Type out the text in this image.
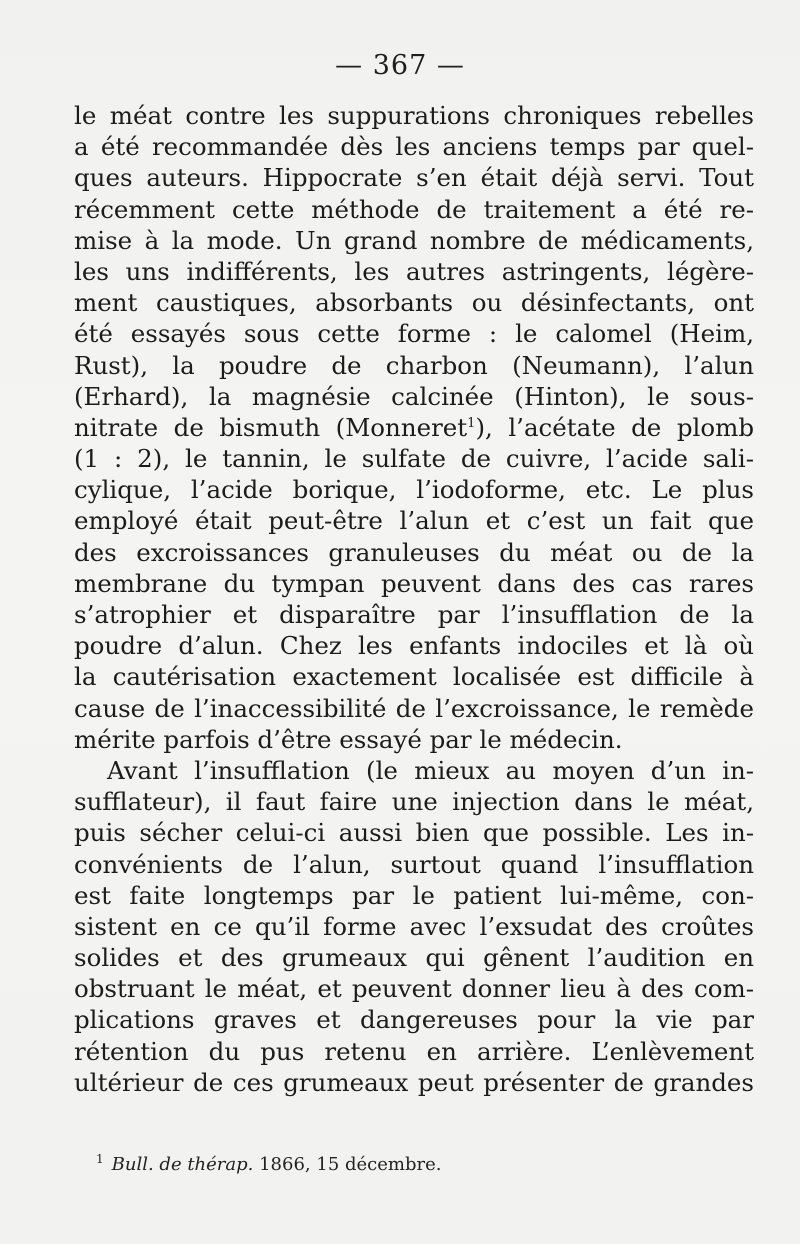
— 367 —
le méat contre les suppurations chroniques rebelles
a été recommandée dès les anciens temps par quel-
ques auteurs. Hippocrate s’en était déjà servi. Tout
récemment cette méthode de traitement a été re-
mise à la mode. Un grand nombre de médicaments,
les uns indifférents, les autres astringents, légère-
ment caustiques, absorbants ou désinfectants, ont
été essayés sous cette forme : le calomel (Heim,
Rust), la poudre de charbon (Neumann), l’alun
(Erhard), la magnésie calcinée (Hinton), le sous-
nitrate de bismuth (Monneret$^1$), l’acétate de plomb
(1 : 2), le tannin, le sulfate de cuivre, l’acide sali-
cylique, l’acide borique, l’iodoforme, etc. Le plus
employé était peut-être l’alun et c’est un fait que
des excroissances granuleuses du méat ou de la
membrane du tympan peuvent dans des cas rares
s’atrophier et disparaître par l’insufflation de la
poudre d’alun. Chez les enfants indociles et là où
la cautérisation exactement localisée est difficile à
cause de l’inaccessibilité de l’excroissance, le remède
mérite parfois d’être essayé par le médecin.
Avant l’insufflation (le mieux au moyen d’un in-
sufflateur), il faut faire une injection dans le méat,
puis sécher celui-ci aussi bien que possible. Les in-
convénients de l’alun, surtout quand l’insufflation
est faite longtemps par le patient lui-même, con-
sistent en ce qu’il forme avec l’exsudat des croûtes
solides et des grumeaux qui gênent l’audition en
obstruant le méat, et peuvent donner lieu à des com-
plications graves et dangereuses pour la vie par
rétention du pus retenu en arrière. L’enlèvement
ultérieur de ces grumeaux peut présenter de grandes
$^1$ Bull. de thérap. 1866, 15 décembre.
